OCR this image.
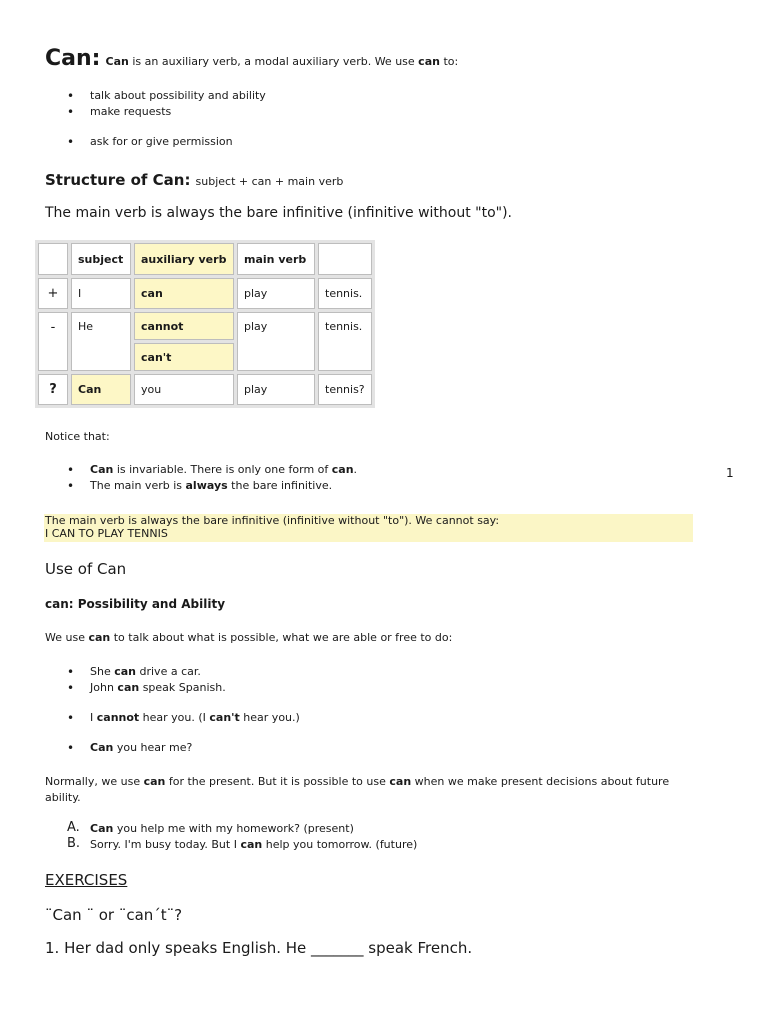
Can: Can is an auxiliary verb, a modal auxiliary verb. We use can to:
• talk about possibility and ability
• make requests
• ask for or give permission
Structure of Can: subject + can + main verb
The main verb is always the bare infinitive (infinitive without "to").
	subject	auxiliary verb	main verb	
+	I	can	play	tennis.
-	He	cannot	play	tennis.
		can't		
?	Can	you	play	tennis?
Notice that:
• Can is invariable. There is only one form of can.
• The main verb is always the bare infinitive.
1
The main verb is always the bare infinitive (infinitive without "to"). We cannot say:
I CAN TO PLAY TENNIS
Use of Can
can: Possibility and Ability
We use can to talk about what is possible, what we are able or free to do:
• She can drive a car.
• John can speak Spanish.
• I cannot hear you. (I can't hear you.)
• Can you hear me?
Normally, we use can for the present. But it is possible to use can when we make present decisions about future ability.
A. Can you help me with my homework? (present)
B. Sorry. I'm busy today. But I can help you tomorrow. (future)
EXERCISES
¨Can ¨ or ¨can´t¨?
1. Her dad only speaks English. He _______ speak French.
